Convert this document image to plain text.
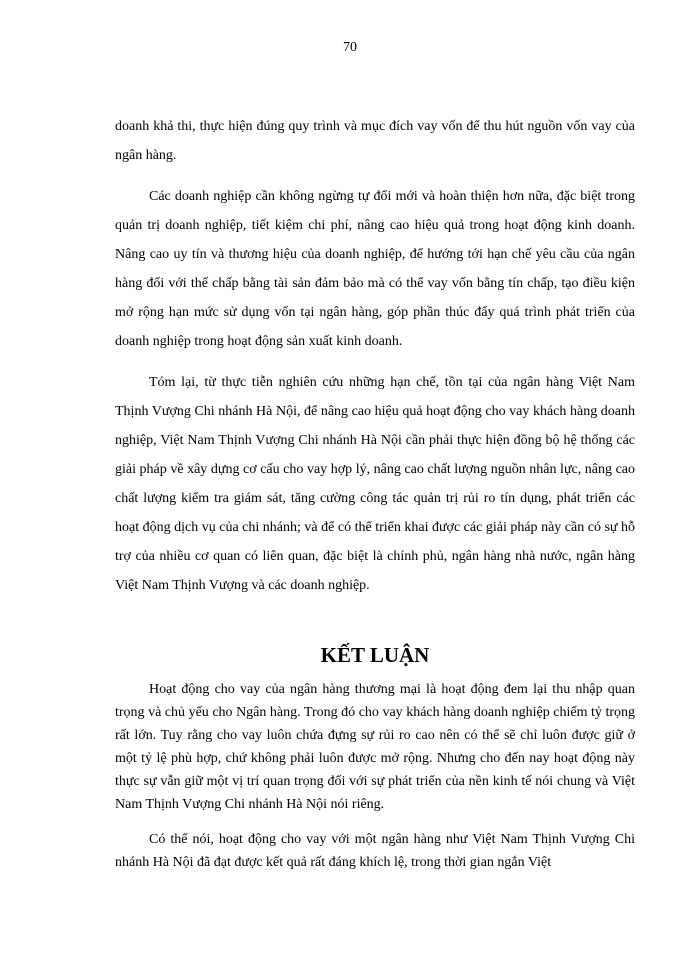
70

doanh khả thi, thực hiện đúng quy trình và mục đích vay vốn để thu hút nguồn vốn vay của ngân hàng.

Các doanh nghiệp cần không ngừng tự đổi mới và hoàn thiện hơn nữa, đặc biệt trong quản trị doanh nghiệp, tiết kiệm chi phí, nâng cao hiệu quả trong hoạt động kinh doanh. Nâng cao uy tín và thương hiệu của doanh nghiệp, để hướng tới hạn chế yêu cầu của ngân hàng đối với thế chấp bằng tài sản đảm bảo mà có thể vay vốn bằng tín chấp, tạo điều kiện mở rộng hạn mức sử dụng vốn tại ngân hàng, góp phần thúc đẩy quá trình phát triển của doanh nghiệp trong hoạt động sản xuất kinh doanh.

Tóm lại, từ thực tiễn nghiên cứu những hạn chế, tồn tại của ngân hàng Việt Nam Thịnh Vượng Chi nhánh Hà Nội, để nâng cao hiệu quả hoạt động cho vay khách hàng doanh nghiệp, Việt Nam Thịnh Vượng Chi nhánh Hà Nội cần phải thực hiện đồng bộ hệ thống các giải pháp về xây dựng cơ cấu cho vay hợp lý, nâng cao chất lượng nguồn nhân lực, nâng cao chất lượng kiểm tra giám sát, tăng cường công tác quản trị rủi ro tín dụng, phát triển các hoạt động dịch vụ của chi nhánh; và để có thể triển khai được các giải pháp này cần có sự hỗ trợ của nhiều cơ quan có liên quan, đặc biệt là chính phủ, ngân hàng nhà nước, ngân hàng Việt Nam Thịnh Vượng và các doanh nghiệp.

KẾT LUẬN

Hoạt động cho vay của ngân hàng thương mại là hoạt động đem lại thu nhập quan trọng và chủ yếu cho Ngân hàng. Trong đó cho vay khách hàng doanh nghiệp chiếm tỷ trọng rất lớn. Tuy rằng cho vay luôn chứa đựng sự rủi ro cao nên có thể sẽ chỉ luôn được giữ ở một tỷ lệ phù hợp, chứ không phải luôn được mở rộng. Nhưng cho đến nay hoạt động này thực sự vẫn giữ một vị trí quan trọng đối với sự phát triển của nền kinh tế nói chung và Việt Nam Thịnh Vượng Chi nhánh Hà Nội nói riêng.

Có thể nói, hoạt động cho vay với một ngân hàng như Việt Nam Thịnh Vượng Chi nhánh Hà Nội đã đạt được kết quả rất đáng khích lệ, trong thời gian ngắn Việt
